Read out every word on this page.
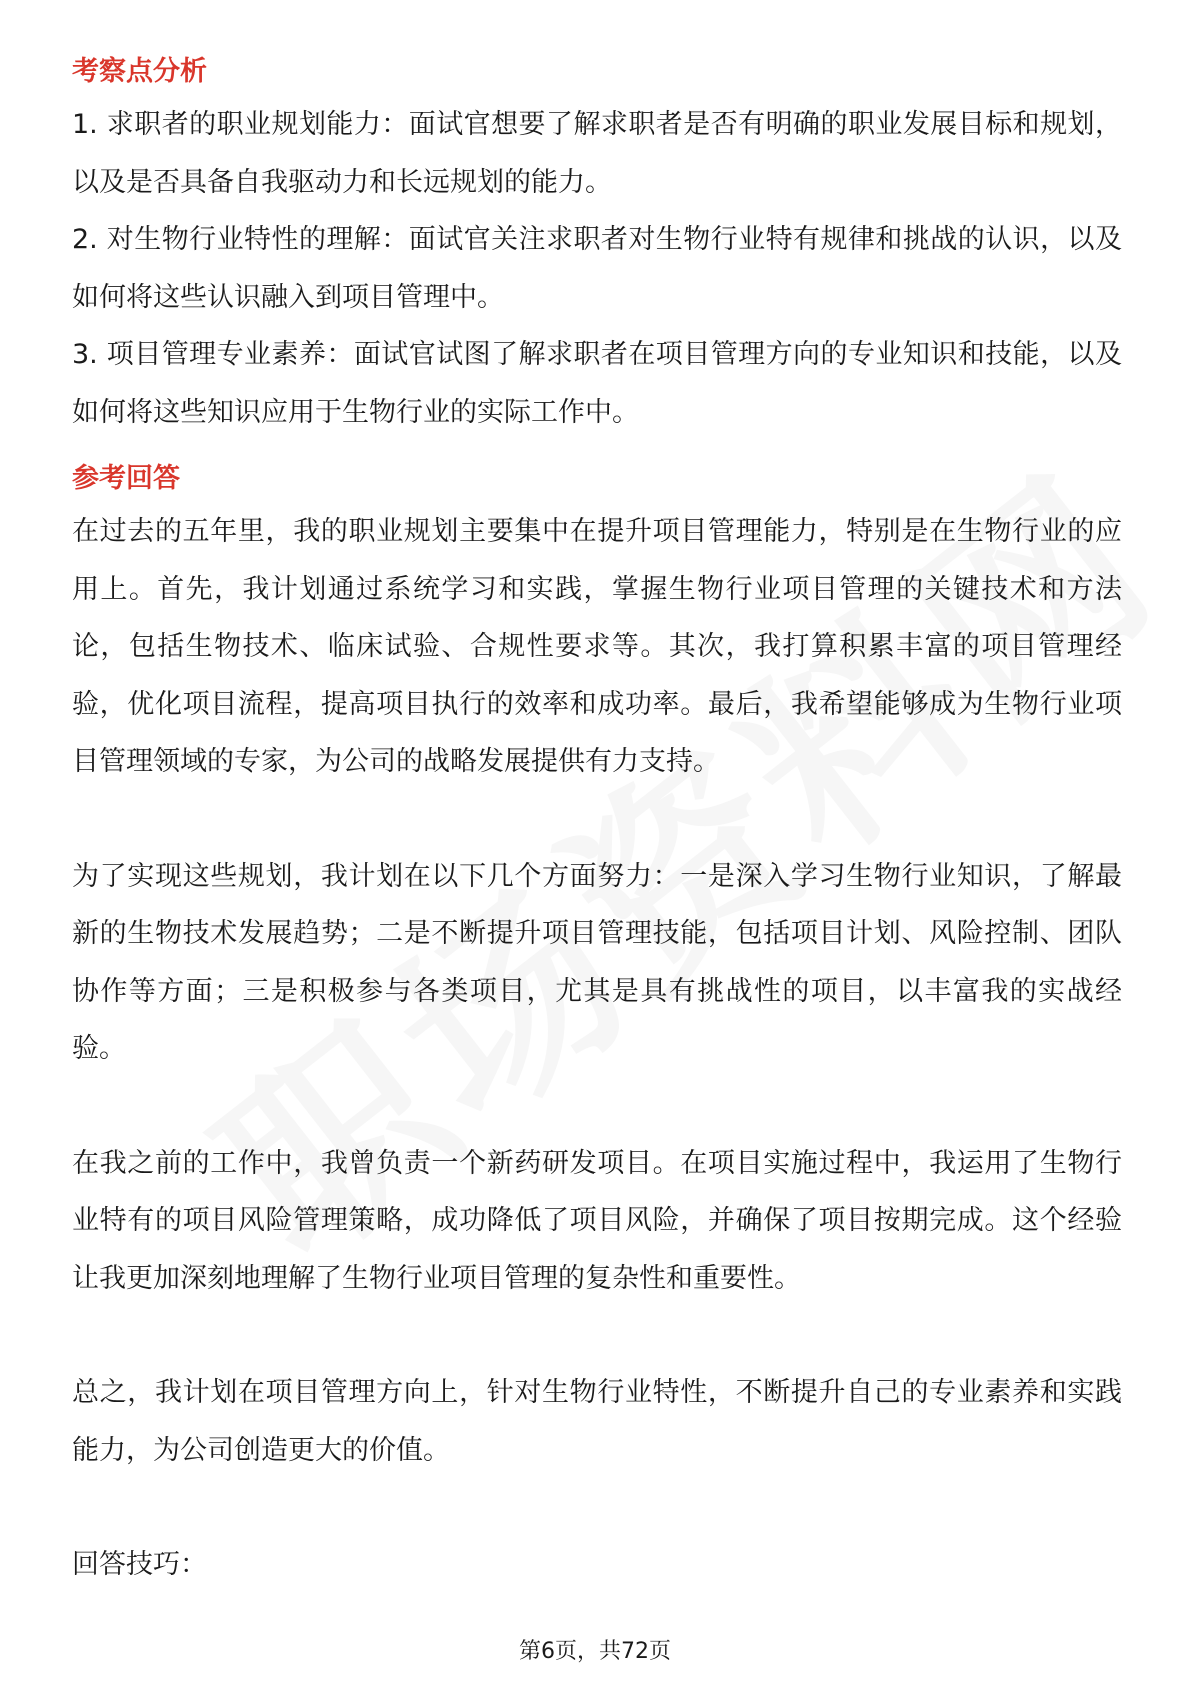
考察点分析

1. 求职者的职业规划能力：面试官想要了解求职者是否有明确的职业发展目标和规划，以及是否具备自我驱动力和长远规划的能力。

2. 对生物行业特性的理解：面试官关注求职者对生物行业特有规律和挑战的认识，以及如何将这些认识融入到项目管理中。

3. 项目管理专业素养：面试官试图了解求职者在项目管理方向的专业知识和技能，以及如何将这些知识应用于生物行业的实际工作中。

参考回答

在过去的五年里，我的职业规划主要集中在提升项目管理能力，特别是在生物行业的应用上。首先，我计划通过系统学习和实践，掌握生物行业项目管理的关键技术和方法论，包括生物技术、临床试验、合规性要求等。其次，我打算积累丰富的项目管理经验，优化项目流程，提高项目执行的效率和成功率。最后，我希望能够成为生物行业项目管理领域的专家，为公司的战略发展提供有力支持。

为了实现这些规划，我计划在以下几个方面努力：一是深入学习生物行业知识，了解最新的生物技术发展趋势；二是不断提升项目管理技能，包括项目计划、风险控制、团队协作等方面；三是积极参与各类项目，尤其是具有挑战性的项目，以丰富我的实战经验。

在我之前的工作中，我曾负责一个新药研发项目。在项目实施过程中，我运用了生物行业特有的项目风险管理策略，成功降低了项目风险，并确保了项目按期完成。这个经验让我更加深刻地理解了生物行业项目管理的复杂性和重要性。

总之，我计划在项目管理方向上，针对生物行业特性，不断提升自己的专业素养和实践能力，为公司创造更大的价值。

回答技巧：

第6页，共72页
